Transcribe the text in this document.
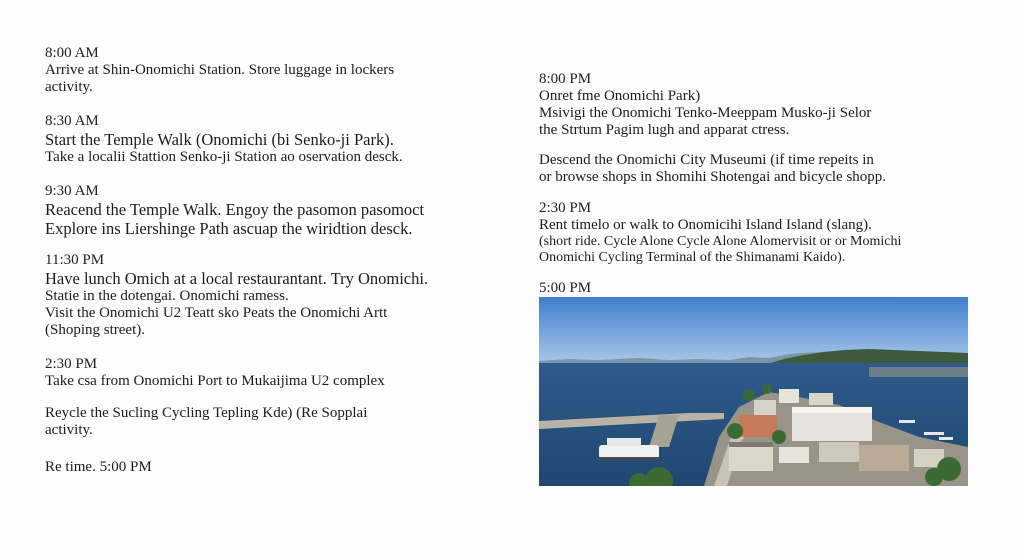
8:00 AM
Arrive at Shin-Onomichi Station. Store luggage in lockers
activity.
8:30 AM
Start the Temple Walk (Onomichi (bi Senko-ji Park).
Take a localii Stattion Senko-ji Station ao oservation desck.
9:30 AM
Reacend the Temple Walk. Engoy the pasomon pasomoct
Explore ins Liershinge Path ascuap the wiridtion desck.
11:30 PM
Have lunch Omich at a local restaurantant. Try Onomichi.
Statie in the dotengai. Onomichi ramess.
Visit the Onomichi U2 Teatt sko Peats the Onomichi Artt
(Shoping street).
2:30 PM
Take csa from Onomichi Port to Mukaijima U2 complex
Reycle the Sucling Cycling Tepling Kde) (Re Sopplai
activity.
Re time. 5:00 PM
8:00 PM
Onret fme Onomichi Park)
Msivigi the Onomichi Tenko-Meeppam Musko-ji Selor
the Strtum Pagim lugh and apparat ctress.
Descend the Onomichi City Museumi (if time repeits in
or browse shops in Shomihi Shotengai and bicycle shopp.
2:30 PM
Rent timelo or walk to Onomicihi Island Island (slang).
(short ride. Cycle Alone Cycle Alone Alomervisit or or Momichi
Onomichi Cycling Terminal of the Shimanami Kaido).
5:00 PM
